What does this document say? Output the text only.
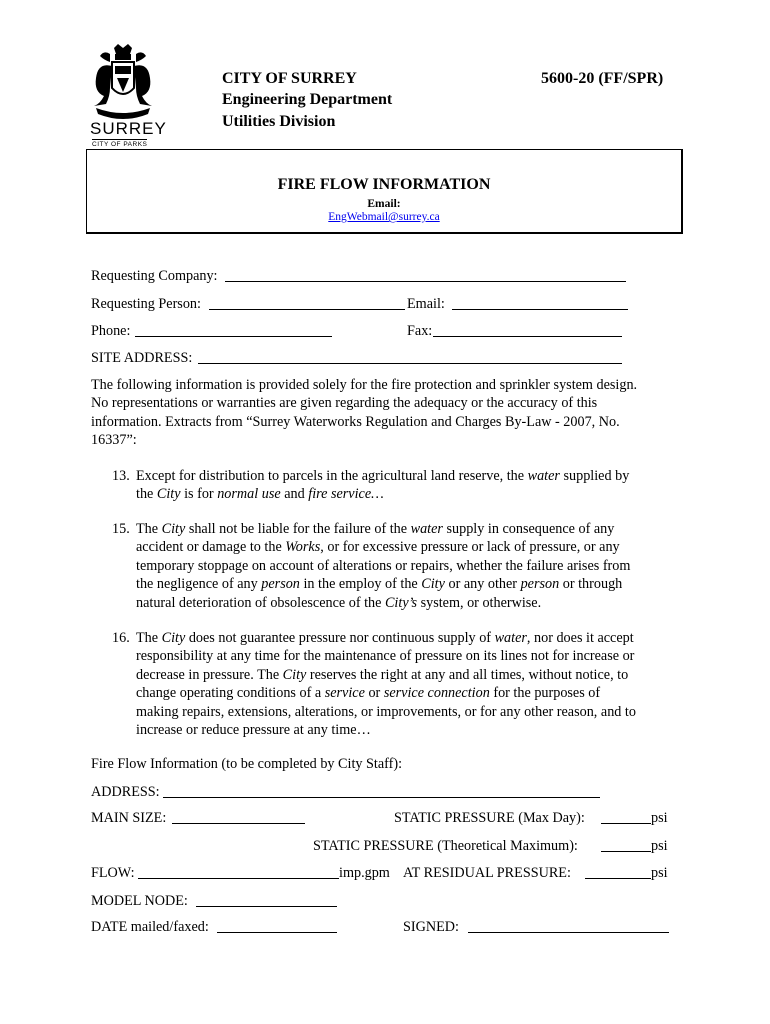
SURREY
CITY OF PARKS
CITY OF SURREY
Engineering Department
Utilities Division
5600-20 (FF/SPR)
FIRE FLOW INFORMATION
Email:
EngWebmail@surrey.ca
Requesting Company:
Requesting Person:	Email:
Phone:	Fax:
SITE ADDRESS:
The following information is provided solely for the fire protection and sprinkler system design.
No representations or warranties are given regarding the adequacy or the accuracy of this
information. Extracts from “Surrey Waterworks Regulation and Charges By-Law - 2007, No.
16337”:
13. Except for distribution to parcels in the agricultural land reserve, the water supplied by
the City is for normal use and fire service…
15. The City shall not be liable for the failure of the water supply in consequence of any
accident or damage to the Works, or for excessive pressure or lack of pressure, or any
temporary stoppage on account of alterations or repairs, whether the failure arises from
the negligence of any person in the employ of the City or any other person or through
natural deterioration of obsolescence of the City’s system, or otherwise.
16. The City does not guarantee pressure nor continuous supply of water, nor does it accept
responsibility at any time for the maintenance of pressure on its lines not for increase or
decrease in pressure. The City reserves the right at any and all times, without notice, to
change operating conditions of a service or service connection for the purposes of
making repairs, extensions, alterations, or improvements, or for any other reason, and to
increase or reduce pressure at any time…
Fire Flow Information (to be completed by City Staff):
ADDRESS:
MAIN SIZE:	STATIC PRESSURE (Max Day):	psi
STATIC PRESSURE (Theoretical Maximum):	psi
FLOW:	imp.gpm AT RESIDUAL PRESSURE:	psi
MODEL NODE:
DATE mailed/faxed:	SIGNED:
